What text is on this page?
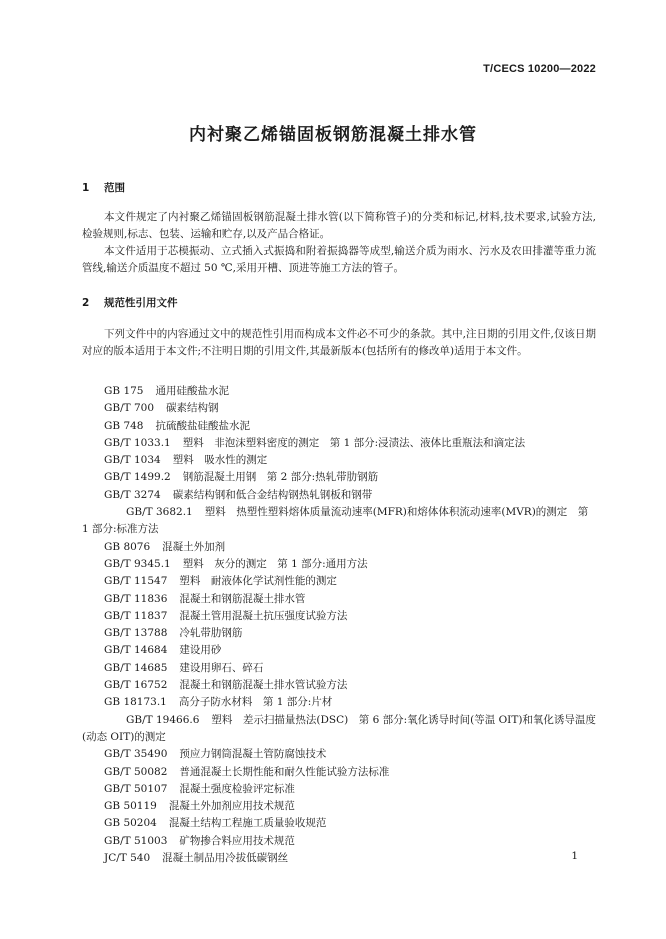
T/CECS 10200—2022
内衬聚乙烯锚固板钢筋混凝土排水管
1 范围
本文件规定了内衬聚乙烯锚固板钢筋混凝土排水管(以下简称管子)的分类和标记,材料,技术要求,试验方法,检验规则,标志、包装、运输和贮存,以及产品合格证。
本文件适用于芯模振动、立式插入式振捣和附着振捣器等成型,输送介质为雨水、污水及农田排灌等重力流管线,输送介质温度不超过 50 ℃,采用开槽、顶进等施工方法的管子。
2 规范性引用文件
下列文件中的内容通过文中的规范性引用而构成本文件必不可少的条款。其中,注日期的引用文件,仅该日期对应的版本适用于本文件;不注明日期的引用文件,其最新版本(包括所有的修改单)适用于本文件。
GB 175 通用硅酸盐水泥
GB/T 700 碳素结构钢
GB 748 抗硫酸盐硅酸盐水泥
GB/T 1033.1 塑料　非泡沫塑料密度的测定　第 1 部分:浸渍法、液体比重瓶法和滴定法
GB/T 1034 塑料　吸水性的测定
GB/T 1499.2 钢筋混凝土用钢　第 2 部分:热轧带肋钢筋
GB/T 3274 碳素结构钢和低合金结构钢热轧钢板和钢带
GB/T 3682.1 塑料　热塑性塑料熔体质量流动速率(MFR)和熔体体积流动速率(MVR)的测定　第 1 部分:标准方法
GB 8076 混凝土外加剂
GB/T 9345.1 塑料　灰分的测定　第 1 部分:通用方法
GB/T 11547 塑料　耐液体化学试剂性能的测定
GB/T 11836 混凝土和钢筋混凝土排水管
GB/T 11837 混凝土管用混凝土抗压强度试验方法
GB/T 13788 冷轧带肋钢筋
GB/T 14684 建设用砂
GB/T 14685 建设用卵石、碎石
GB/T 16752 混凝土和钢筋混凝土排水管试验方法
GB 18173.1 高分子防水材料　第 1 部分:片材
GB/T 19466.6 塑料　差示扫描量热法(DSC)　第 6 部分:氧化诱导时间(等温 OIT)和氧化诱导温度(动态 OIT)的测定
GB/T 35490 预应力钢筒混凝土管防腐蚀技术
GB/T 50082 普通混凝土长期性能和耐久性能试验方法标准
GB/T 50107 混凝土强度检验评定标准
GB 50119 混凝土外加剂应用技术规范
GB 50204 混凝土结构工程施工质量验收规范
GB/T 51003 矿物掺合料应用技术规范
JC/T 540 混凝土制品用冷拔低碳钢丝	1
